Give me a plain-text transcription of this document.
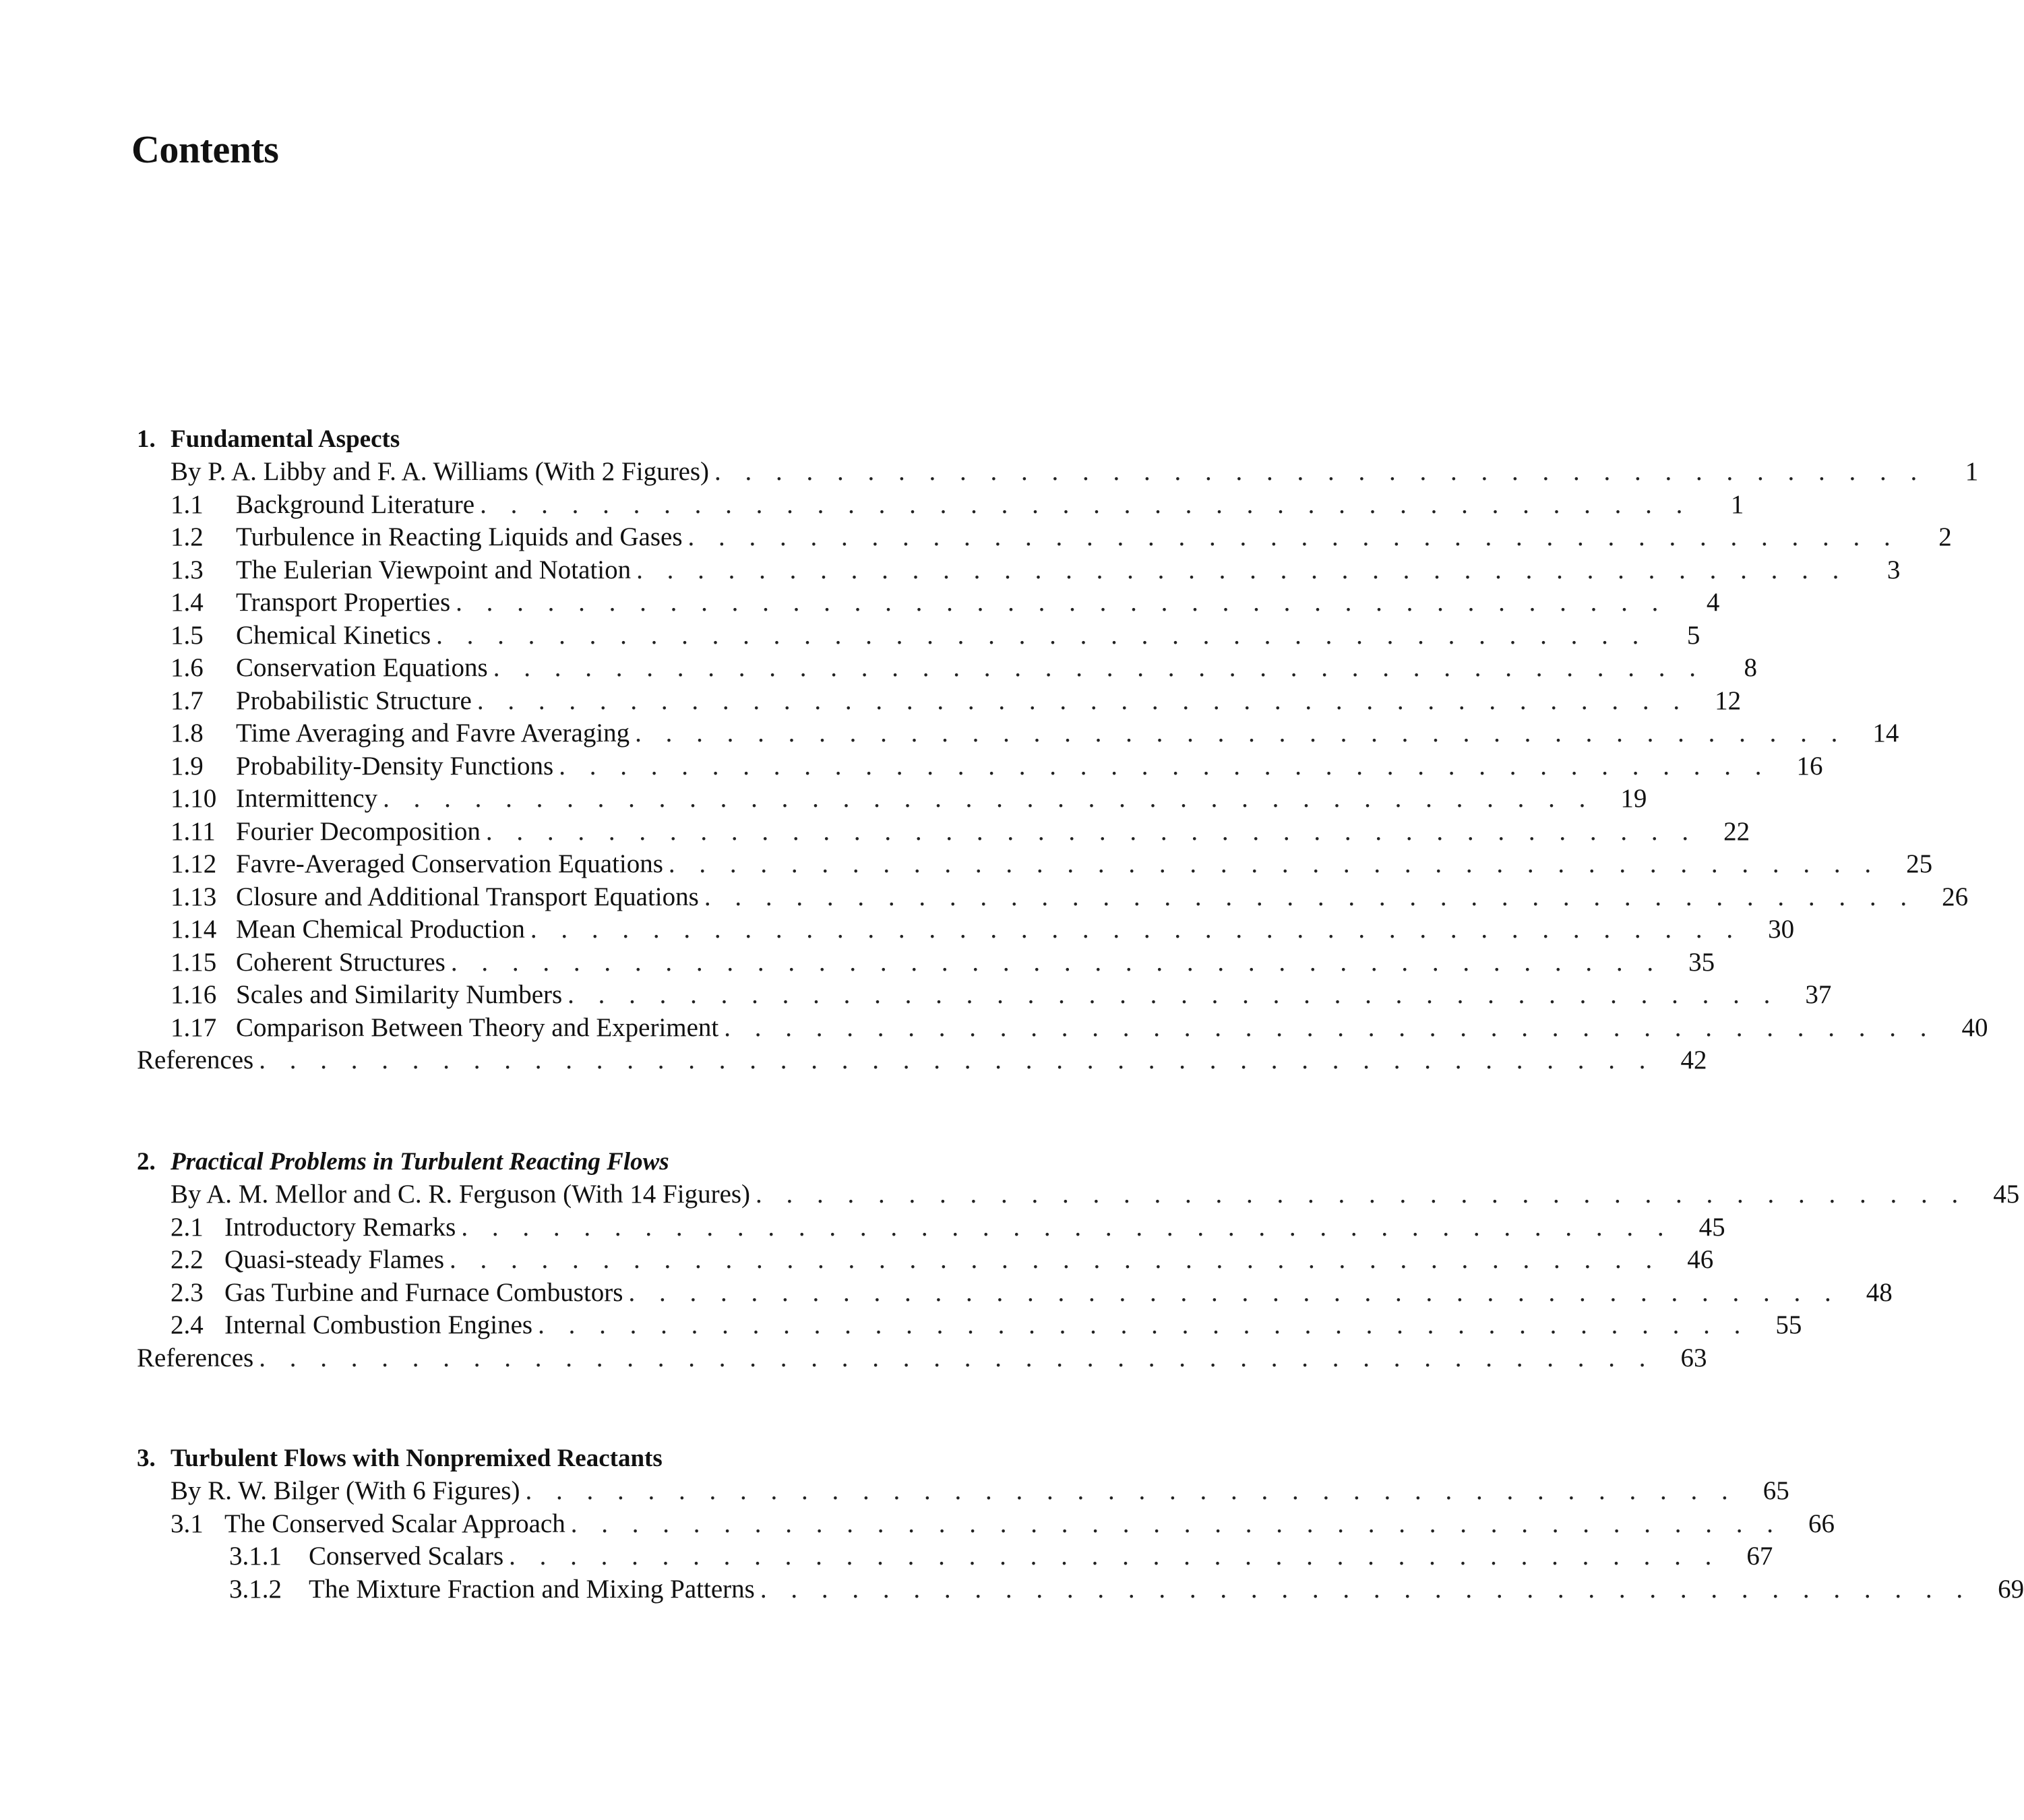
Contents
1. Fundamental Aspects
By P. A. Libby and F. A. Williams (With 2 Figures) . . . . . . . . . . . . . . . . . . . . . . . . . . . . . . . . . . . . . . . .	1
1.1 Background Literature . . . . . . . . . . . . . . . . . . . . . . . . . . . . . . . . . . . . . . . .	1
1.2 Turbulence in Reacting Liquids and Gases . . . . . . . . . . . . . . . . . . . . . . . . . . . . . . . . . . . . . . . .	2
1.3 The Eulerian Viewpoint and Notation . . . . . . . . . . . . . . . . . . . . . . . . . . . . . . . . . . . . . . . .	3
1.4 Transport Properties . . . . . . . . . . . . . . . . . . . . . . . . . . . . . . . . . . . . . . . .	4
1.5 Chemical Kinetics . . . . . . . . . . . . . . . . . . . . . . . . . . . . . . . . . . . . . . . .	5
1.6 Conservation Equations . . . . . . . . . . . . . . . . . . . . . . . . . . . . . . . . . . . . . . . .	8
1.7 Probabilistic Structure . . . . . . . . . . . . . . . . . . . . . . . . . . . . . . . . . . . . . . . .	12
1.8 Time Averaging and Favre Averaging . . . . . . . . . . . . . . . . . . . . . . . . . . . . . . . . . . . . . . . .	14
1.9 Probability-Density Functions . . . . . . . . . . . . . . . . . . . . . . . . . . . . . . . . . . . . . . . .	16
1.10 Intermittency . . . . . . . . . . . . . . . . . . . . . . . . . . . . . . . . . . . . . . . .	19
1.11 Fourier Decomposition . . . . . . . . . . . . . . . . . . . . . . . . . . . . . . . . . . . . . . . .	22
1.12 Favre-Averaged Conservation Equations . . . . . . . . . . . . . . . . . . . . . . . . . . . . . . . . . . . . . . . .	25
1.13 Closure and Additional Transport Equations . . . . . . . . . . . . . . . . . . . . . . . . . . . . . . . . . . . . . . . .	26
1.14 Mean Chemical Production . . . . . . . . . . . . . . . . . . . . . . . . . . . . . . . . . . . . . . . .	30
1.15 Coherent Structures . . . . . . . . . . . . . . . . . . . . . . . . . . . . . . . . . . . . . . . .	35
1.16 Scales and Similarity Numbers . . . . . . . . . . . . . . . . . . . . . . . . . . . . . . . . . . . . . . . .	37
1.17 Comparison Between Theory and Experiment . . . . . . . . . . . . . . . . . . . . . . . . . . . . . . . . . . . . . . . .	40
References . . . . . . . . . . . . . . . . . . . . . . . . . . . . . . . . . . . . . . . . . . . . . .	42
2. Practical Problems in Turbulent Reacting Flows
By A. M. Mellor and C. R. Ferguson (With 14 Figures) . . . . . . . . . . . . . . . . . . . . . . . . . . . . . . . . . . . . . . . .	45
2.1 Introductory Remarks . . . . . . . . . . . . . . . . . . . . . . . . . . . . . . . . . . . . . . . .	45
2.2 Quasi-steady Flames . . . . . . . . . . . . . . . . . . . . . . . . . . . . . . . . . . . . . . . .	46
2.3 Gas Turbine and Furnace Combustors . . . . . . . . . . . . . . . . . . . . . . . . . . . . . . . . . . . . . . . .	48
2.4 Internal Combustion Engines . . . . . . . . . . . . . . . . . . . . . . . . . . . . . . . . . . . . . . . .	55
References . . . . . . . . . . . . . . . . . . . . . . . . . . . . . . . . . . . . . . . . . . . . . .	63
3. Turbulent Flows with Nonpremixed Reactants
By R. W. Bilger (With 6 Figures) . . . . . . . . . . . . . . . . . . . . . . . . . . . . . . . . . . . . . . . .	65
3.1 The Conserved Scalar Approach . . . . . . . . . . . . . . . . . . . . . . . . . . . . . . . . . . . . . . . .	66
3.1.1 Conserved Scalars . . . . . . . . . . . . . . . . . . . . . . . . . . . . . . . . . . . . . . . .	67
3.1.2 The Mixture Fraction and Mixing Patterns . . . . . . . . . . . . . . . . . . . . . . . . . . . . . . . . . . . . . . . .	69
